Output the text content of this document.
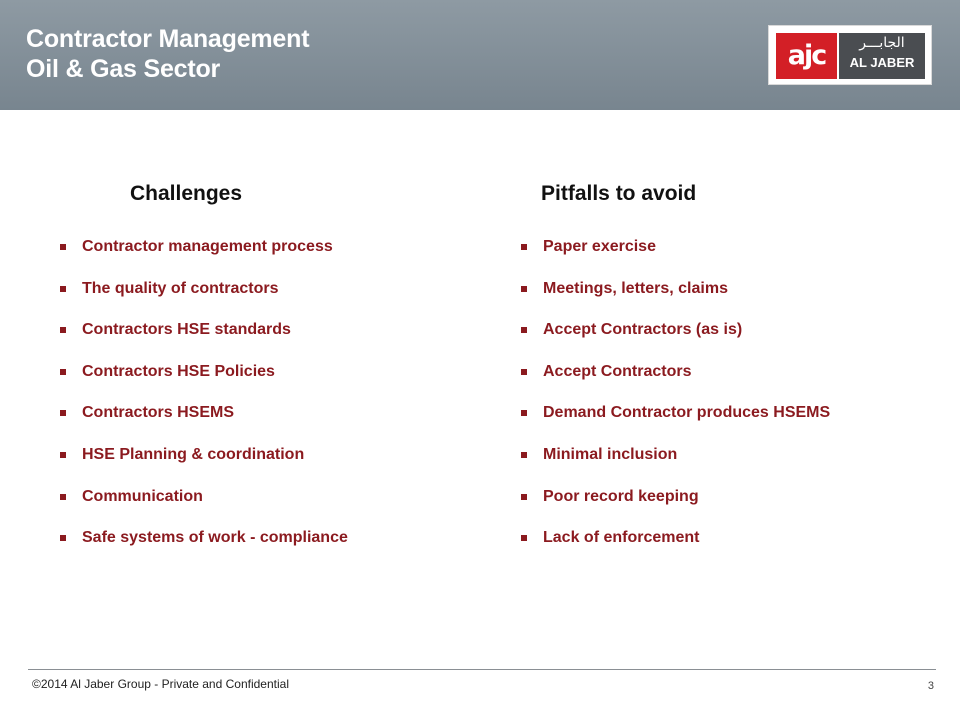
Contractor Management
Oil & Gas Sector	ajc	الجابـــر
AL JABER
Challenges	Pitfalls to avoid
Contractor management process
The quality of contractors
Contractors HSE standards
Contractors HSE Policies
Contractors HSEMS
HSE Planning & coordination
Communication
Safe systems of work - compliance
Paper exercise
Meetings, letters, claims
Accept Contractors (as is)
Accept Contractors
Demand Contractor produces HSEMS
Minimal inclusion
Poor record keeping
Lack of enforcement
©2014 Al Jaber Group - Private and Confidential	3
